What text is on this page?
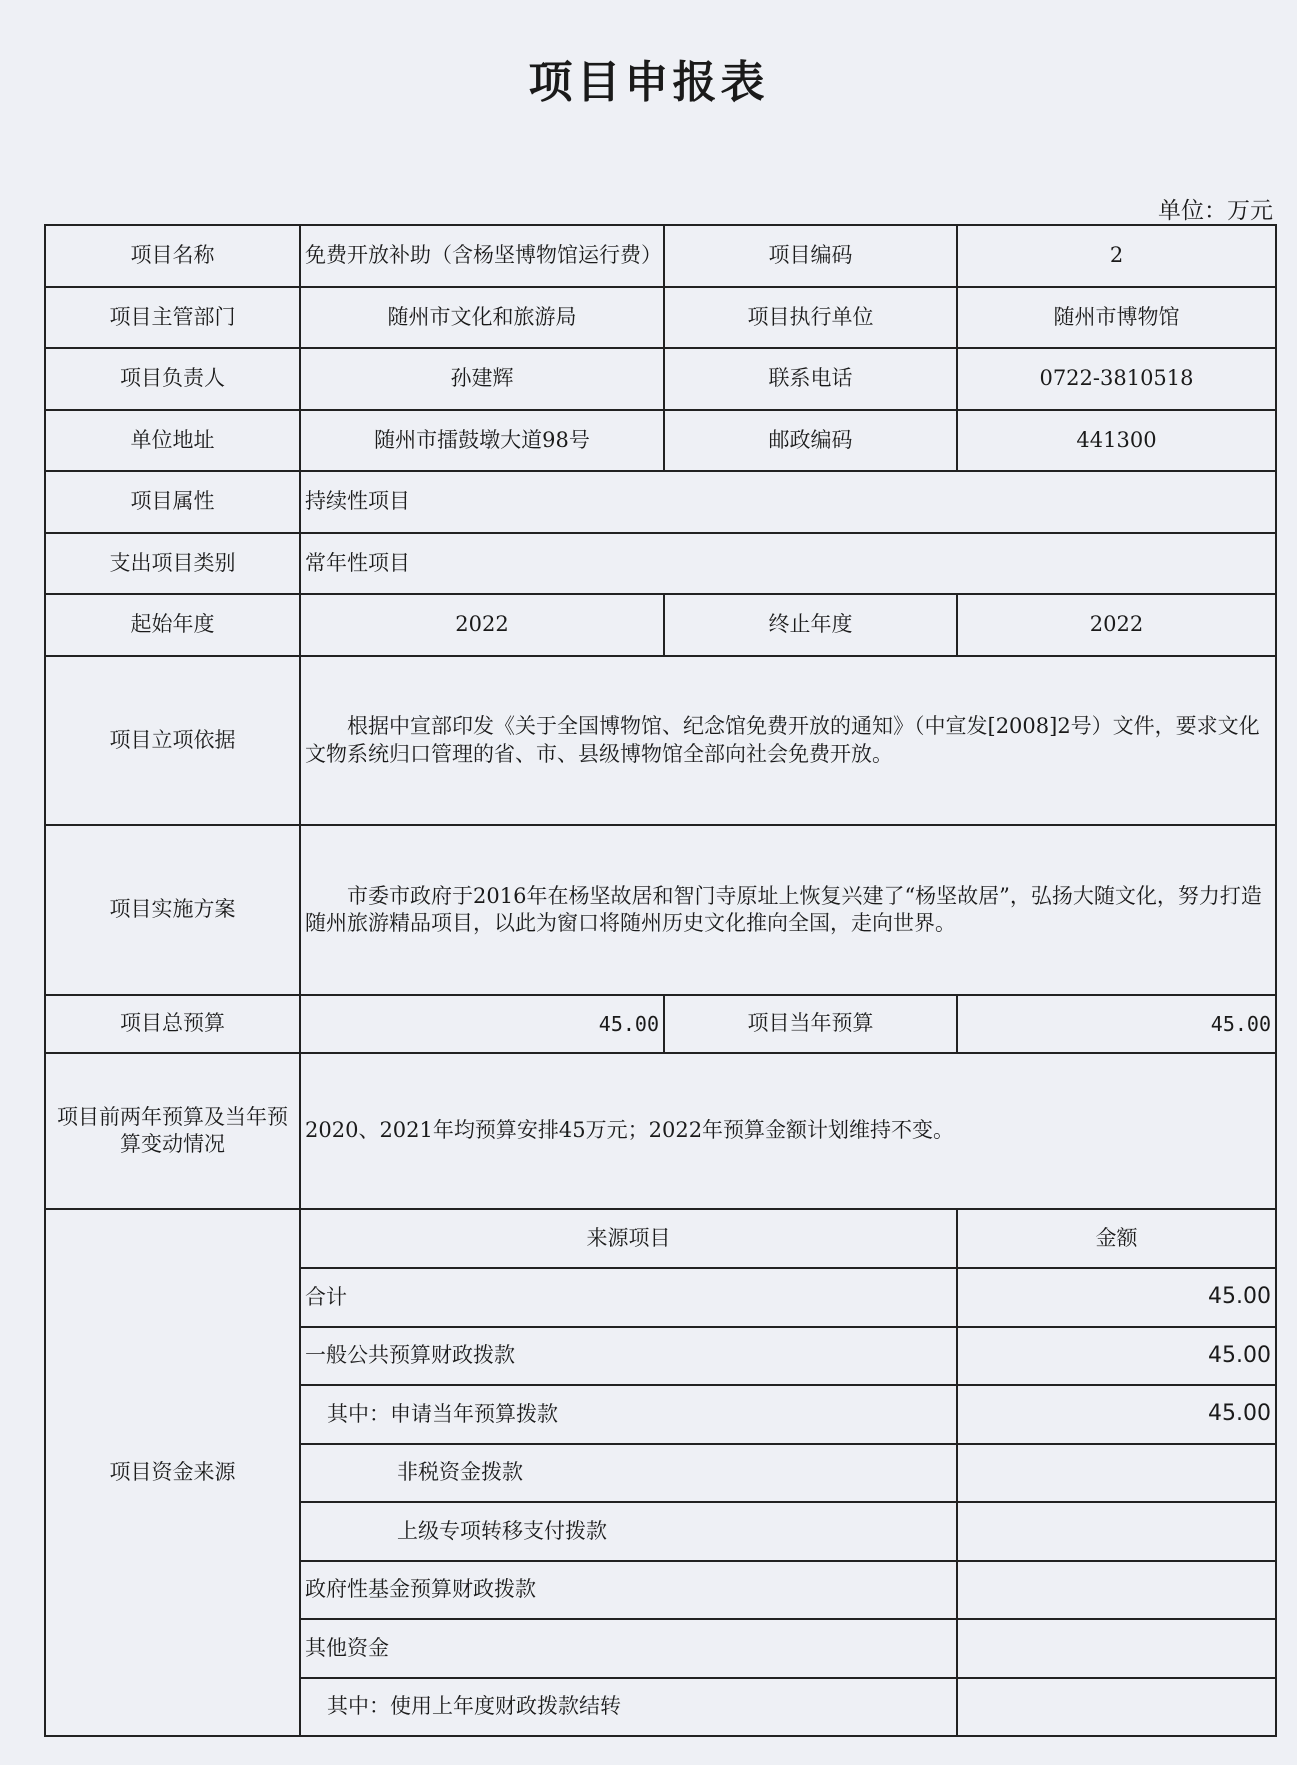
项目申报表
单位：万元
项目名称	免费开放补助（含杨坚博物馆运行费）	项目编码	2
项目主管部门	随州市文化和旅游局	项目执行单位	随州市博物馆
项目负责人	孙建辉	联系电话	0722-3810518
单位地址	随州市擂鼓墩大道98号	邮政编码	441300
项目属性	持续性项目		
支出项目类别	常年性项目		
起始年度	2022	终止年度	2022
项目立项依据	根据中宣部印发《关于全国博物馆、纪念馆免费开放的通知》（中宣发[2008]2号）文件，要求文化文物系统归口管理的省、市、县级博物馆全部向社会免费开放。		
项目实施方案	市委市政府于2016年在杨坚故居和智门寺原址上恢复兴建了“杨坚故居”，弘扬大随文化，努力打造随州旅游精品项目，以此为窗口将随州历史文化推向全国，走向世界。		
项目总预算	45.00	项目当年预算	45.00
项目前两年预算及当年预算变动情况	2020、2021年均预算安排45万元；2022年预算金额计划维持不变。		
项目资金来源	来源项目		金额
	合计		45.00
	一般公共预算财政拨款		45.00
	其中：申请当年预算拨款		45.00
	非税资金拨款		
	上级专项转移支付拨款		
	政府性基金预算财政拨款		
	其他资金		
	其中：使用上年度财政拨款结转		
